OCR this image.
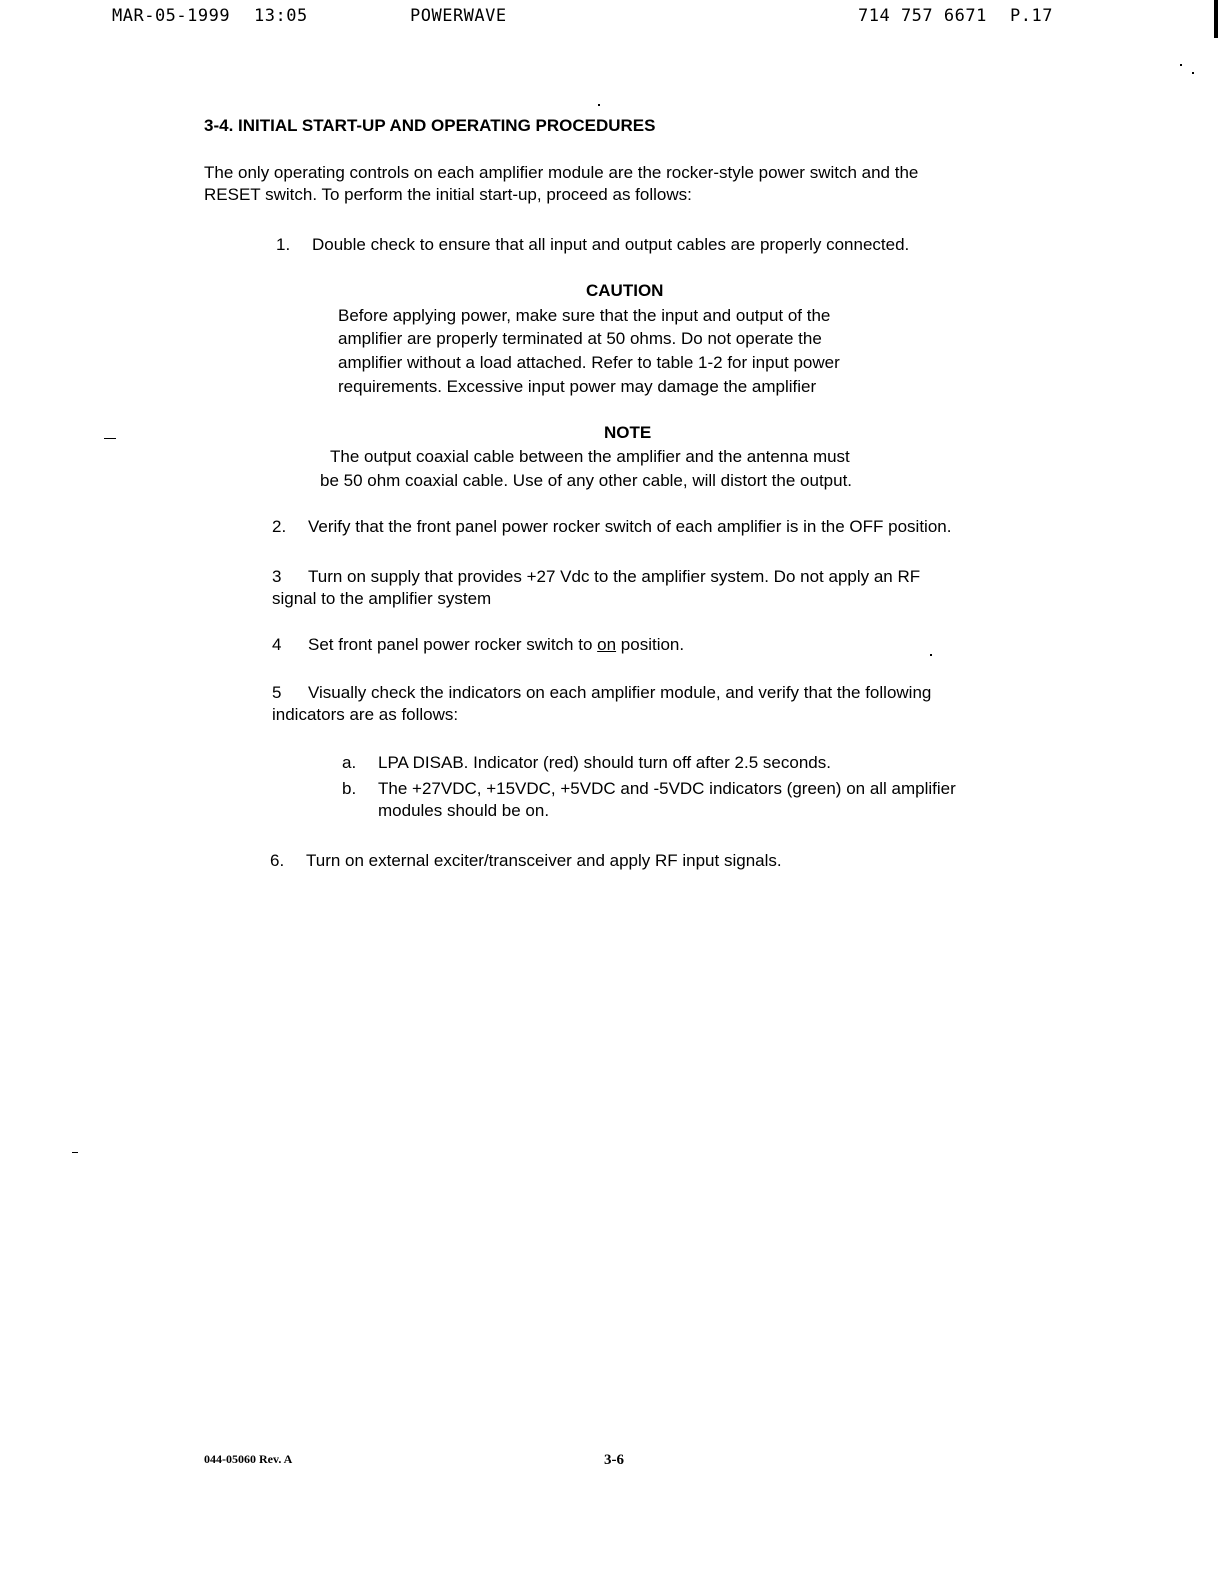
MAR-05-1999 13:05	POWERWAVE	714 757 6671 P.17
3-4. INITIAL START-UP AND OPERATING PROCEDURES
The only operating controls on each amplifier module are the rocker-style power switch and the
RESET switch. To perform the initial start-up, proceed as follows:
1. Double check to ensure that all input and output cables are properly connected.
CAUTION
Before applying power, make sure that the input and output of the
amplifier are properly terminated at 50 ohms. Do not operate the
amplifier without a load attached. Refer to table 1-2 for input power
requirements. Excessive input power may damage the amplifier
NOTE
The output coaxial cable between the amplifier and the antenna must
be 50 ohm coaxial cable. Use of any other cable, will distort the output.
2. Verify that the front panel power rocker switch of each amplifier is in the OFF position.
3 Turn on supply that provides +27 Vdc to the amplifier system. Do not apply an RF
signal to the amplifier system
4 Set front panel power rocker switch to on position.
5 Visually check the indicators on each amplifier module, and verify that the following
indicators are as follows:
a. LPA DISAB. Indicator (red) should turn off after 2.5 seconds.
b. The +27VDC, +15VDC, +5VDC and -5VDC indicators (green) on all amplifier
modules should be on.
6. Turn on external exciter/transceiver and apply RF input signals.
044-05060 Rev. A	3-6
